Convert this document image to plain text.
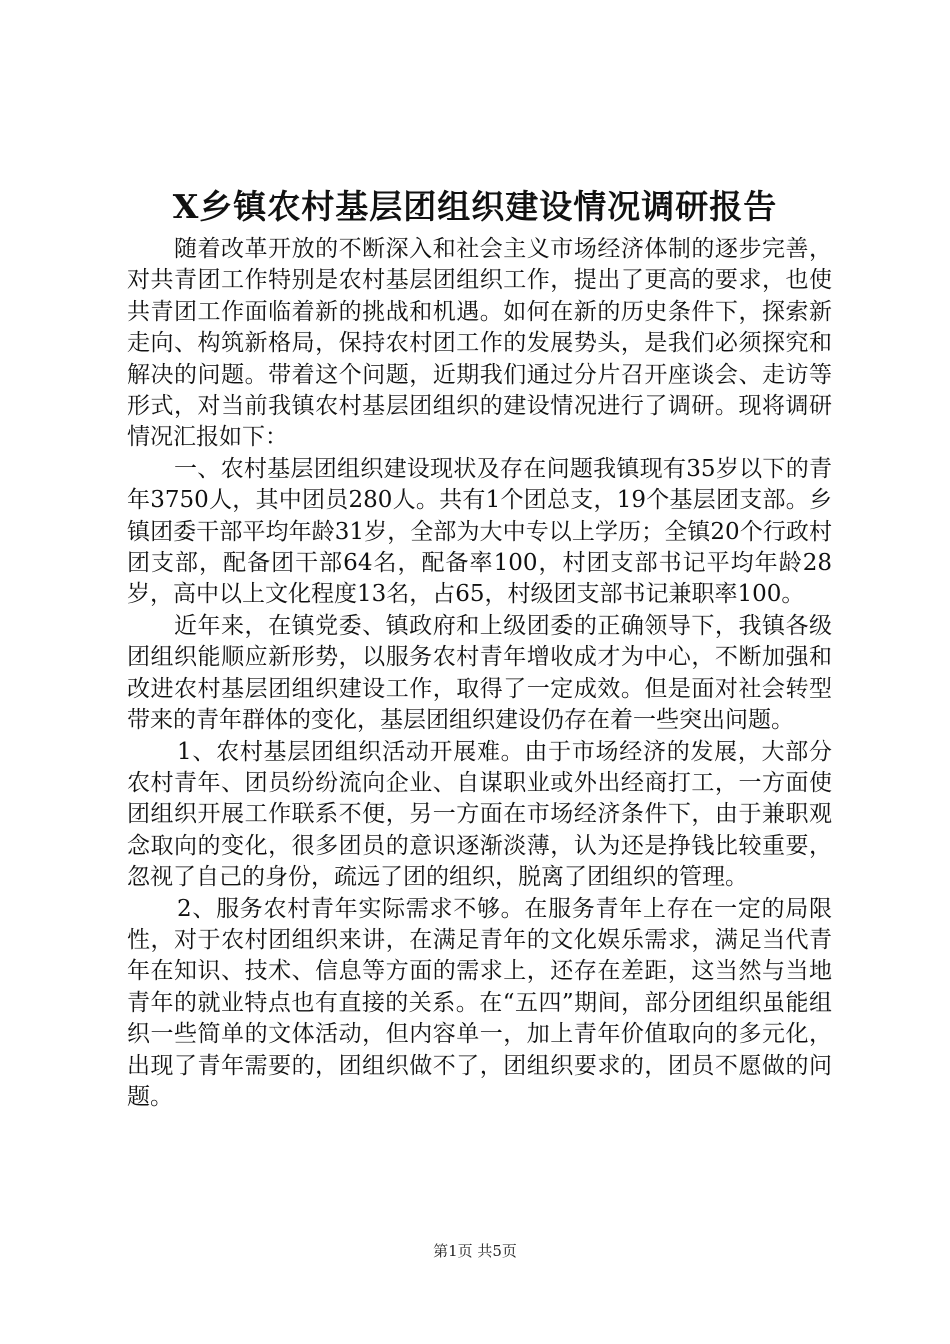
X乡镇农村基层团组织建设情况调研报告

随着改革开放的不断深入和社会主义市场经济体制的逐步完善，对共青团工作特别是农村基层团组织工作，提出了更高的要求，也使共青团工作面临着新的挑战和机遇。如何在新的历史条件下，探索新走向、构筑新格局，保持农村团工作的发展势头，是我们必须探究和解决的问题。带着这个问题，近期我们通过分片召开座谈会、走访等形式，对当前我镇农村基层团组织的建设情况进行了调研。现将调研情况汇报如下：

一、农村基层团组织建设现状及存在问题我镇现有35岁以下的青年3750人，其中团员280人。共有1个团总支，19个基层团支部。乡镇团委干部平均年龄31岁，全部为大中专以上学历；全镇20个行政村团支部，配备团干部64名，配备率100，村团支部书记平均年龄28岁，高中以上文化程度13名，占65，村级团支部书记兼职率100。

近年来，在镇党委、镇政府和上级团委的正确领导下，我镇各级团组织能顺应新形势，以服务农村青年增收成才为中心，不断加强和改进农村基层团组织建设工作，取得了一定成效。但是面对社会转型带来的青年群体的变化，基层团组织建设仍存在着一些突出问题。

1、农村基层团组织活动开展难。由于市场经济的发展，大部分农村青年、团员纷纷流向企业、自谋职业或外出经商打工，一方面使团组织开展工作联系不便，另一方面在市场经济条件下，由于兼职观念取向的变化，很多团员的意识逐渐淡薄，认为还是挣钱比较重要，忽视了自己的身份，疏远了团的组织，脱离了团组织的管理。

2、服务农村青年实际需求不够。在服务青年上存在一定的局限性，对于农村团组织来讲，在满足青年的文化娱乐需求，满足当代青年在知识、技术、信息等方面的需求上，还存在差距，这当然与当地青年的就业特点也有直接的关系。在“五四”期间，部分团组织虽能组织一些简单的文体活动，但内容单一，加上青年价值取向的多元化，出现了青年需要的，团组织做不了，团组织要求的，团员不愿做的问题。

第1页 共5页
